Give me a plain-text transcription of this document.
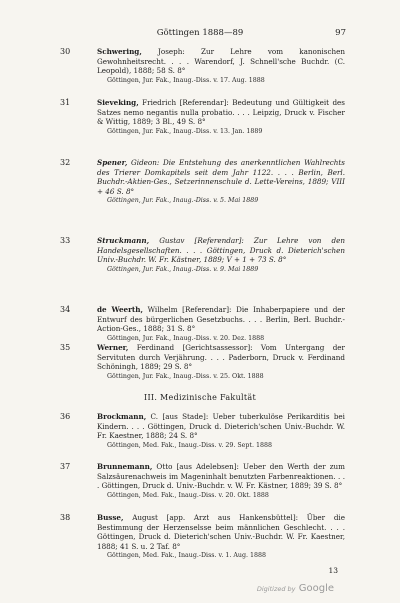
Göttingen 1888—89	97
30	Schwering, Joseph: Zur Lehre vom kanonischen Gewohnheitsrecht. . . . Warendorf, J. Schnell'sche Buchdr. (C. Leopold), 1888; 58 S. 8°
Göttingen, Jur. Fak., Inaug.-Diss. v. 17. Aug. 1888
31	Sieveking, Friedrich [Referendar]: Bedeutung und Gültigkeit des Satzes nemo negantis nulla probatio. . . . Leipzig, Druck v. Fischer & Wittig, 1889; 3 Bl., 49 S. 8°
Göttingen, Jur. Fak., Inaug.-Diss. v. 13. Jan. 1889
32	Spener, Gideon: Die Entstehung des anerkenntlichen Wahlrechts des Trierer Domkapitels seit dem Jahr 1122. . . . Berlin, Berl. Buchdr.-Aktien-Ges., Setzerinnenschule d. Lette-Vereins, 1889; VIII + 46 S. 8°
Göttingen, Jur. Fak., Inaug.-Diss. v. 5. Mai 1889
33	Struckmann, Gustav [Referendar]: Zur Lehre von den Handelsgesellschaften. . . . Göttingen, Druck d. Dieterich'schen Univ.-Buchdr. W. Fr. Kästner, 1889; V + 1 + 73 S. 8°
Göttingen, Jur. Fak., Inaug.-Diss. v. 9. Mai 1889
34	de Weerth, Wilhelm [Referendar]: Die Inhaberpapiere und der Entwurf des bürgerlichen Gesetzbuchs. . . . Berlin, Berl. Buchdr.-Action-Ges., 1888; 31 S. 8°
Göttingen, Jur. Fak., Inaug.-Diss. v. 20. Dez. 1888
35	Werner, Ferdinand [Gerichtsassessor]: Vom Untergang der Servituten durch Verjährung. . . . Paderborn, Druck v. Ferdinand Schöningh, 1889; 29 S. 8°
Göttingen, Jur. Fak., Inaug.-Diss. v. 25. Okt. 1888
III. Medizinische Fakultät
36	Brockmann, C. [aus Stade]: Ueber tuberkulöse Perikarditis bei Kindern. . . . Göttingen, Druck d. Dieterich'schen Univ.-Buchdr. W. Fr. Kaestner, 1888; 24 S. 8°
Göttingen, Med. Fak., Inaug.-Diss. v. 29. Sept. 1888
37	Brunnemann, Otto [aus Adelebsen]: Ueber den Werth der zum Salzsäurenachweis im Mageninhalt benutzten Farbenreaktionen. . . . Göttingen, Druck d. Univ.-Buchdr. v. W. Fr. Kästner, 1889; 39 S. 8°
Göttingen, Med. Fak., Inaug.-Diss. v. 20. Okt. 1888
38	Busse, August [app. Arzt aus Hankensbüttel]: Über die Bestimmung der Herzenselsse beim männlichen Geschlecht. . . . Göttingen, Druck d. Dieterich'schen Univ.-Buchdr. W. Fr. Kaestner, 1888; 41 S. u. 2 Taf. 8°
Göttingen, Med. Fak., Inaug.-Diss. v. 1. Aug. 1888
13
Digitized by Google
